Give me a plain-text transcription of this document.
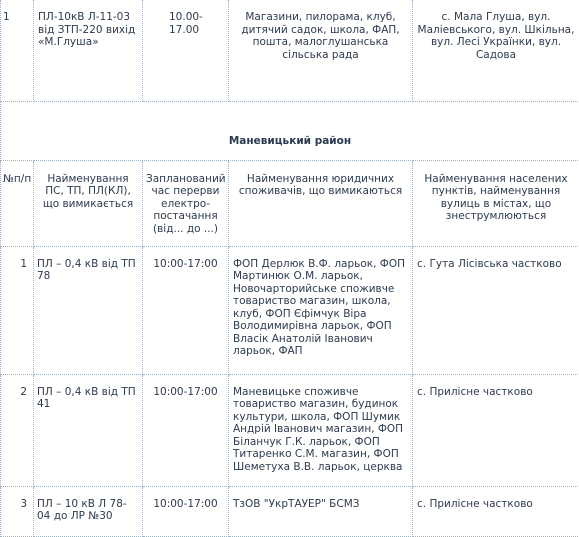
1	ПЛ-10кВ Л-11-03 від ЗТП-220 вихід «М.Глуша»	10.00-17.00	Магазини, пилорама, клуб, дитячий садок, школа, ФАП, пошта, малоглушанська сільська рада	с. Мала Глуша, вул. Маліевського, вул. Шкільна, вул. Лесі Українки, вул. Садова
Маневицький район				
№п/п	Найменування ПС, ТП, ПЛ(КЛ), що вимикається	Запланований час перерви електро-постачання (від... до ...)	Найменування юридичних споживачів, що вимикаються	Найменування населених пунктів, найменування вулиць в містах, що знеструмлюються
1	ПЛ – 0,4 кВ від ТП 78	10:00-17:00	ФОП Дерлюк В.Ф. ларьок, ФОП Мартинюк О.М. ларьок, Новочарторийське споживче товариство магазин, школа, клуб, ФОП Єфімчук Віра Володимирівна ларьок, ФОП Власік Анатолій Іванович ларьок, ФАП	с. Гута Лісівська частково
2	ПЛ – 0,4 кВ від ТП 41	10:00-17:00	Маневицьке споживче товариство магазин, будинок культури, школа, ФОП Шумик Андрій Іванович магазин, ФОП Біланчук Г.К. ларьок, ФОП Титаренко С.М. магазин, ФОП Шеметуха В.В. ларьок, церква	с. Прилісне частково
3	ПЛ – 10 кВ Л 78-04 до ЛР №30	10:00-17:00	ТзОВ "УкрТАУЕР" БСМЗ	с. Прилісне частково
